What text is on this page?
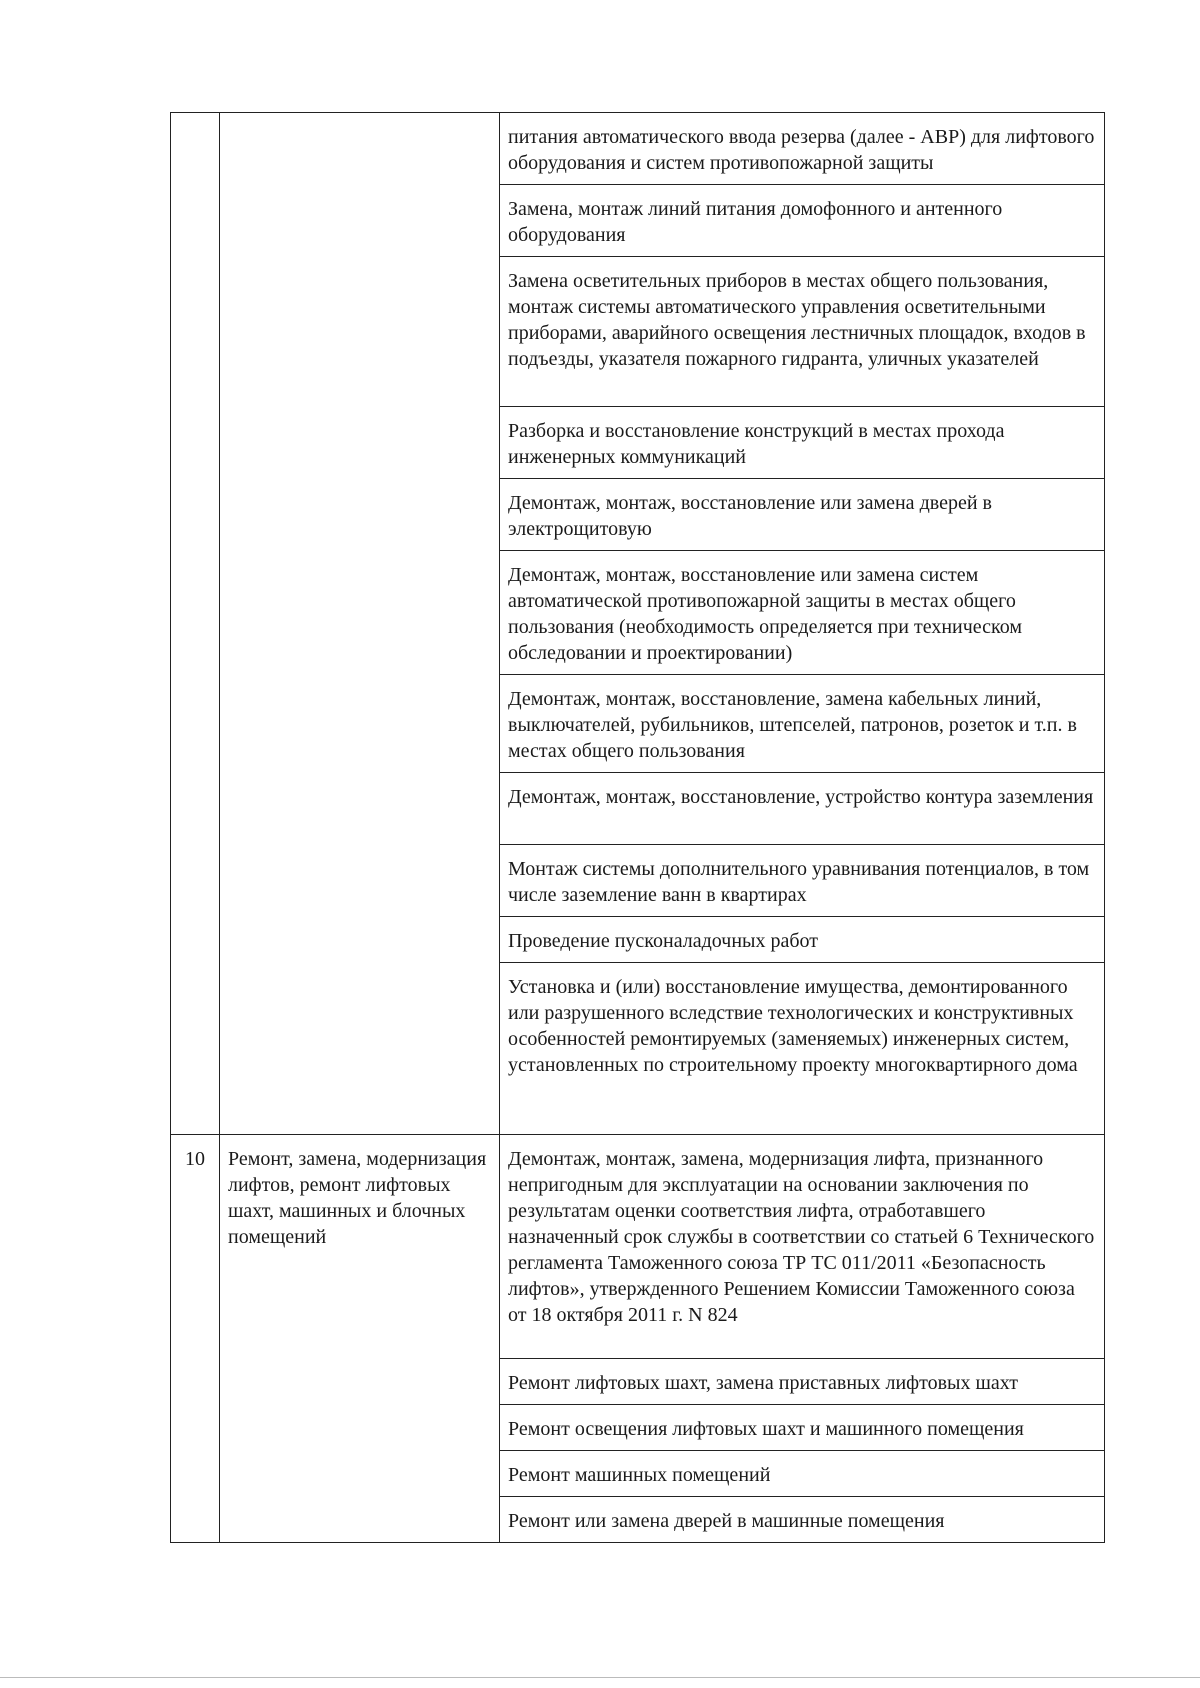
		питания автоматического ввода резерва (далее - АВР) для лифтового оборудования и систем противопожарной защиты
		Замена, монтаж линий питания домофонного и антенного оборудования
		Замена осветительных приборов в местах общего пользования, монтаж системы автоматического управления осветительными приборами, аварийного освещения лестничных площадок, входов в подъезды, указателя пожарного гидранта, уличных указателей
		Разборка и восстановление конструкций в местах прохода инженерных коммуникаций
		Демонтаж, монтаж, восстановление или замена дверей в электрощитовую
		Демонтаж, монтаж, восстановление или замена систем автоматической противопожарной защиты в местах общего пользования (необходимость определяется при техническом обследовании и проектировании)
		Демонтаж, монтаж, восстановление, замена кабельных линий, выключателей, рубильников, штепселей, патронов, розеток и т.п. в местах общего пользования
		Демонтаж, монтаж, восстановление, устройство контура заземления
		Монтаж системы дополнительного уравнивания потенциалов, в том числе заземление ванн в квартирах
		Проведение пусконаладочных работ
		Установка и (или) восстановление имущества, демонтированного или разрушенного вследствие технологических и конструктивных особенностей ремонтируемых (заменяемых) инженерных систем, установленных по строительному проекту многоквартирного дома
10	Ремонт, замена, модернизация лифтов, ремонт лифтовых шахт, машинных и блочных помещений	Демонтаж, монтаж, замена, модернизация лифта, признанного непригодным для эксплуатации на основании заключения по результатам оценки соответствия лифта, отработавшего назначенный срок службы в соответствии со статьей 6 Технического регламента Таможенного союза ТР ТС 011/2011 «Безопасность лифтов», утвержденного Решением Комиссии Таможенного союза от 18 октября 2011 г. N 824
		Ремонт лифтовых шахт, замена приставных лифтовых шахт
		Ремонт освещения лифтовых шахт и машинного помещения
		Ремонт машинных помещений
		Ремонт или замена дверей в машинные помещения
